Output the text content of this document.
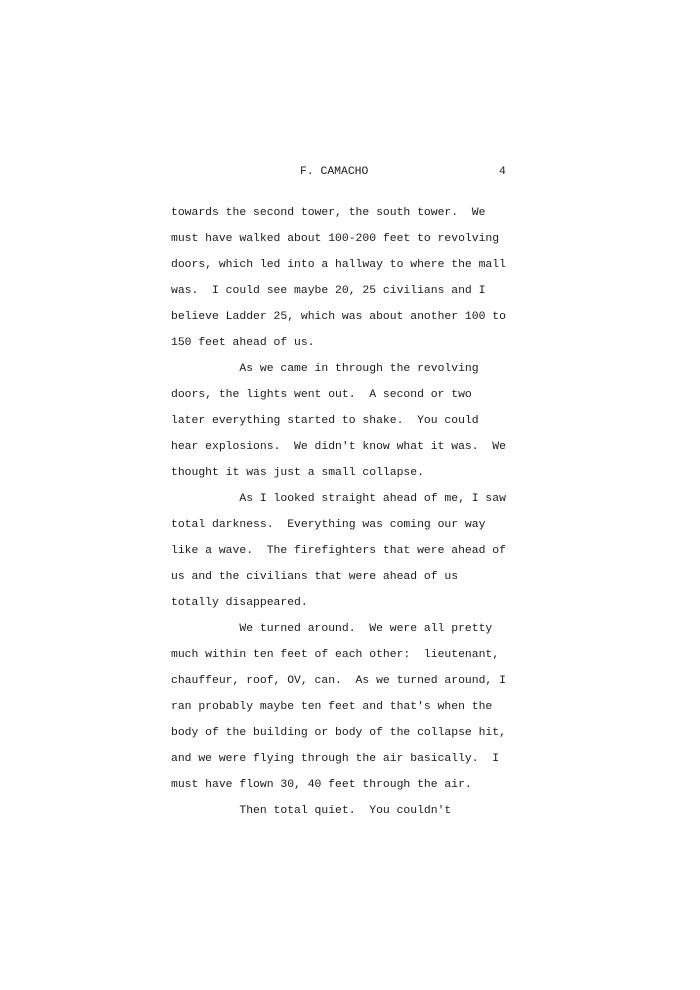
F. CAMACHO	4
towards the second tower, the south tower.  We
must have walked about 100-200 feet to revolving
doors, which led into a hallway to where the mall
was.  I could see maybe 20, 25 civilians and I
believe Ladder 25, which was about another 100 to
150 feet ahead of us.
As we came in through the revolving
doors, the lights went out.  A second or two
later everything started to shake.  You could
hear explosions.  We didn't know what it was.  We
thought it was just a small collapse.
As I looked straight ahead of me, I saw
total darkness.  Everything was coming our way
like a wave.  The firefighters that were ahead of
us and the civilians that were ahead of us
totally disappeared.
We turned around.  We were all pretty
much within ten feet of each other:  lieutenant,
chauffeur, roof, OV, can.  As we turned around, I
ran probably maybe ten feet and that's when the
body of the building or body of the collapse hit,
and we were flying through the air basically.  I
must have flown 30, 40 feet through the air.
Then total quiet.  You couldn't
